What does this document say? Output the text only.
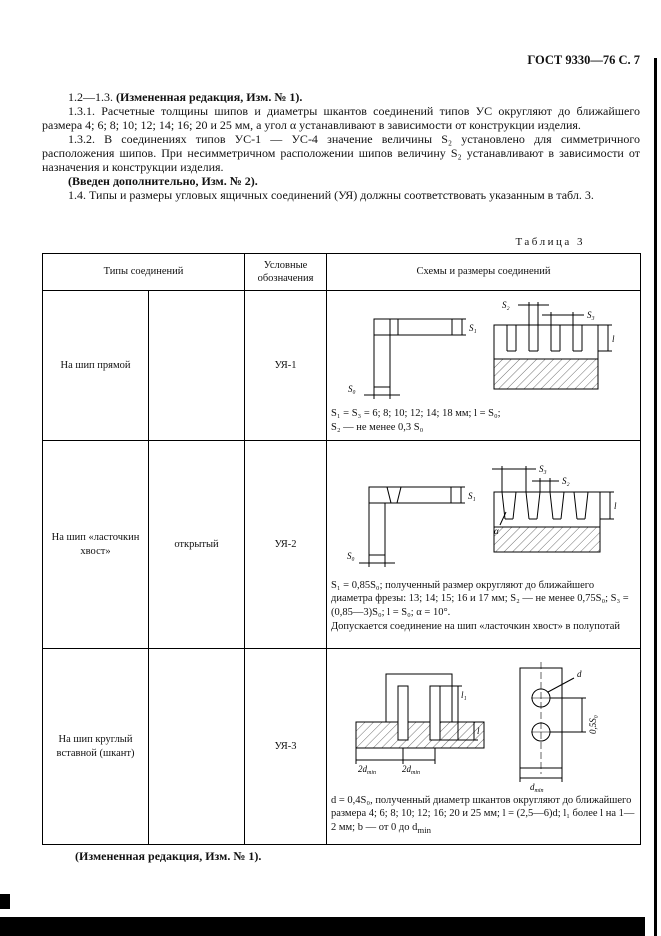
ГОСТ 9330—76 С. 7

1.2—1.3. (Измененная редакция, Изм. № 1).

1.3.1. Расчетные толщины шипов и диаметры шкантов соединений типов УС округляют до ближайшего размера 4; 6; 8; 10; 12; 14; 16; 20 и 25 мм, а угол α устанавливают в зависимости от конструкции изделия.

1.3.2. В соединениях типов УС-1 — УС-4 значение величины S₂ установлено для симметричного расположения шипов. При несимметричном расположении шипов величину S₂ устанавливают в зависимости от назначения и конструкции изделия.

(Введен дополнительно, Изм. № 2).

1.4. Типы и размеры угловых ящичных соединений (УЯ) должны соответствовать указанным в табл. 3.

Таблица 3
Типы соединений		Условные обозначения	Схемы и размеры соединений
На шип прямой		УЯ-1	
S₂
S₃
S₁
S₀
l
S₁ = S₃ = 6; 8; 10; 12; 14; 18 мм; l = S₀;
S₂ — не менее 0,3 S₀

На шип «ласточкин хвост»	открытый	УЯ-2	
S₃
S₂
S₁
S₀
l
α
S₁ = 0,85S₀; полученный размер округляют до ближайшего диаметра фрезы: 13; 14; 15; 16 и 17 мм; S₂ — не менее 0,75S₀; S₃ = (0,85—3)S₀; l = S₀; α = 10°.
Допускается соединение на шип «ласточкин хвост» в полупотай

На шип круглый вставной (шкант)		УЯ-3	
l₁
l
$2d_{min}$	$2d_{min}$
d
0,5S₀
$d_{min}$
d = 0,4S₀, полученный диаметр шкантов округляют до ближайшего размера 4; 6; 8; 10; 12; 16; 20 и 25 мм; l = (2,5—6)d; l₁ более l на 1—2 мм; b — от 0 до $d_{min}$
(Измененная редакция, Изм. № 1).
